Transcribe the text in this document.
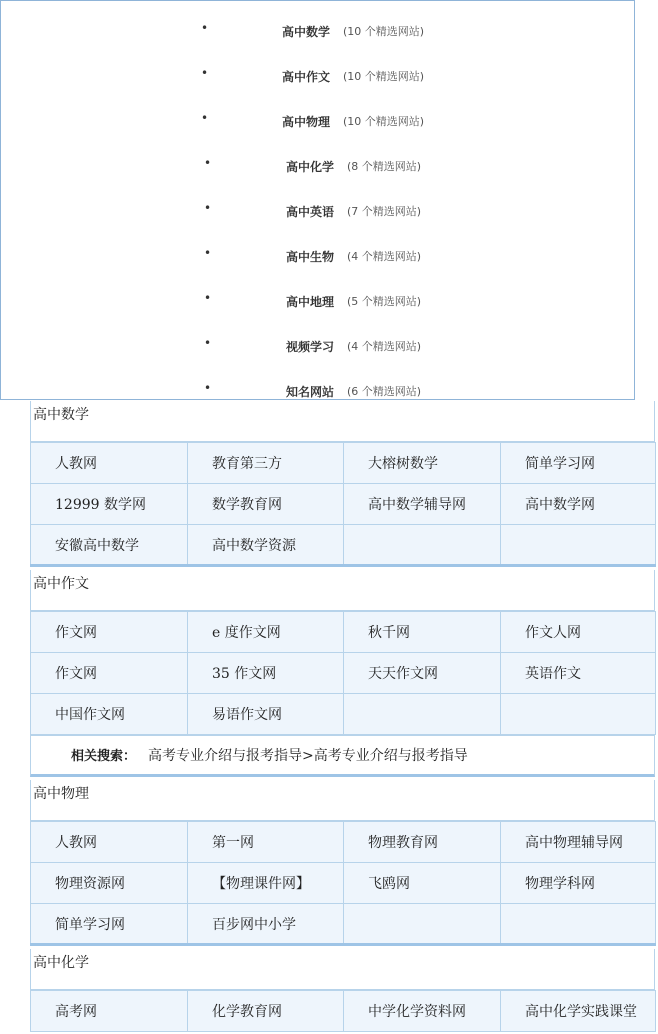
•	高中数学 (10 个精选网站)
•	高中作文 (10 个精选网站)
•	高中物理 (10 个精选网站)
•	高中化学 (8 个精选网站)
•	高中英语 (7 个精选网站)
•	高中生物 (4 个精选网站)
•	高中地理 (5 个精选网站)
•	视频学习 (4 个精选网站)
•	知名网站 (6 个精选网站)
高中数学
人教网	教育第三方	大榕树数学	简单学习网
12999 数学网	数学教育网	高中数学辅导网	高中数学网
安徽高中数学	高中数学资源		
高中作文
作文网	e 度作文网	秋千网	作文人网
作文网	35 作文网	天天作文网	英语作文
中国作文网	易语作文网		
相关搜索： 高考专业介绍与报考指导>高考专业介绍与报考指导
高中物理
人教网	第一网	物理教育网	高中物理辅导网
物理资源网	【物理课件网】	飞鸥网	物理学科网
简单学习网	百步网中小学		
高中化学
高考网	化学教育网	中学化学资料网	高中化学实践课堂
